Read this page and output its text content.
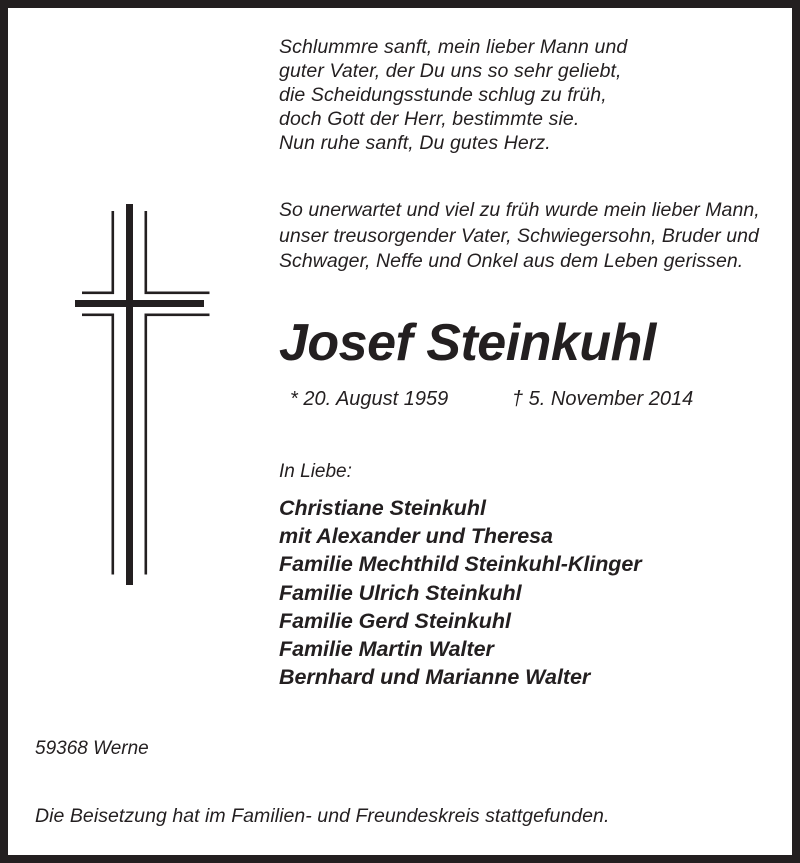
Schlummre sanft, mein lieber Mann und
guter Vater, der Du uns so sehr geliebt,
die Scheidungsstunde schlug zu früh,
doch Gott der Herr, bestimmte sie.
Nun ruhe sanft, Du gutes Herz.
So unerwartet und viel zu früh wurde mein lieber Mann,
unser treusorgender Vater, Schwiegersohn, Bruder und
Schwager, Neffe und Onkel aus dem Leben gerissen.
Josef Steinkuhl
* 20. August 1959	† 5. November 2014
In Liebe:
Christiane Steinkuhl
mit Alexander und Theresa
Familie Mechthild Steinkuhl-Klinger
Familie Ulrich Steinkuhl
Familie Gerd Steinkuhl
Familie Martin Walter
Bernhard und Marianne Walter
59368 Werne
Die Beisetzung hat im Familien- und Freundeskreis stattgefunden.
